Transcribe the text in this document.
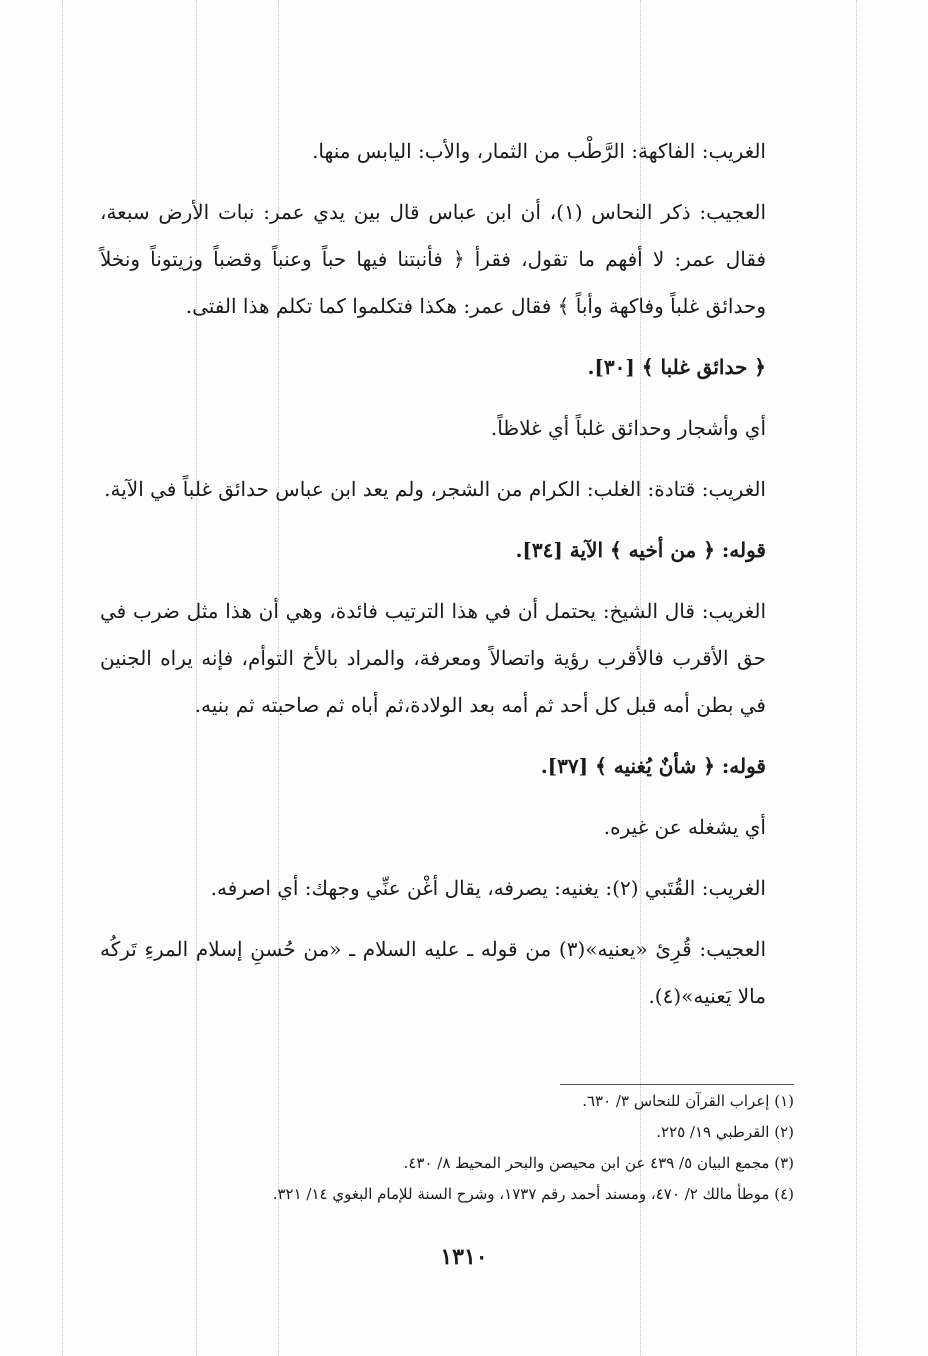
الغريب: الفاكهة: الرَّطْب من الثمار، والأب: اليابس منها.

العجيب: ذكر النحاس (١)، أن ابن عباس قال بين يدي عمر: نبات الأرض سبعة، فقال عمر: لا أفهم ما تقول، فقرأ ﴿ فأنبتنا فيها حباً وعنباً وقضباً وزيتوناً ونخلاً وحدائق غلباً وفاكهة وأباً ﴾ فقال عمر: هكذا فتكلموا كما تكلم هذا الفتى.

﴿ حدائق غلبا ﴾ [٣٠].

أي وأشجار وحدائق غلباً أي غلاظاً.

الغريب: قتادة: الغلب: الكرام من الشجر، ولم يعد ابن عباس حدائق غلباً في الآية.

قوله: ﴿ من أخيه ﴾ الآية [٣٤].

الغريب: قال الشيخ: يحتمل أن في هذا الترتيب فائدة، وهي أن هذا مثل ضرب في حق الأقرب فالأقرب رؤية واتصالاً ومعرفة، والمراد بالأخ التوأم، فإنه يراه الجنين في بطن أمه قبل كل أحد ثم أمه بعد الولادة،ثم أباه ثم صاحبته ثم بنيه.

قوله: ﴿ شأنٌ يُغنيه ﴾ [٣٧].

أي يشغله عن غيره.

الغريب: القُتَبي (٢): يغنيه: يصرفه، يقال أغْن عنِّي وجهك: أي اصرفه.

العجيب: قُرِئ «يعنيه»(٣) من قوله ـ عليه السلام ـ «من حُسنِ إسلام المرءِ تَركُه مالا يَعنيه»(٤).

(١) إعراب القرآن للنحاس ٣/ ٦٣٠.

(٢) القرطبي ١٩/ ٢٢٥.

(٣) مجمع البيان ٥/ ٤٣٩ عن ابن محيصن والبحر المحيط ٨/ ٤٣٠.

(٤) موطأ مالك ٢/ ٤٧٠، ومسند أحمد رقم ١٧٣٧، وشرح السنة للإمام البغوي ١٤/ ٣٢١.

١٣١٠
